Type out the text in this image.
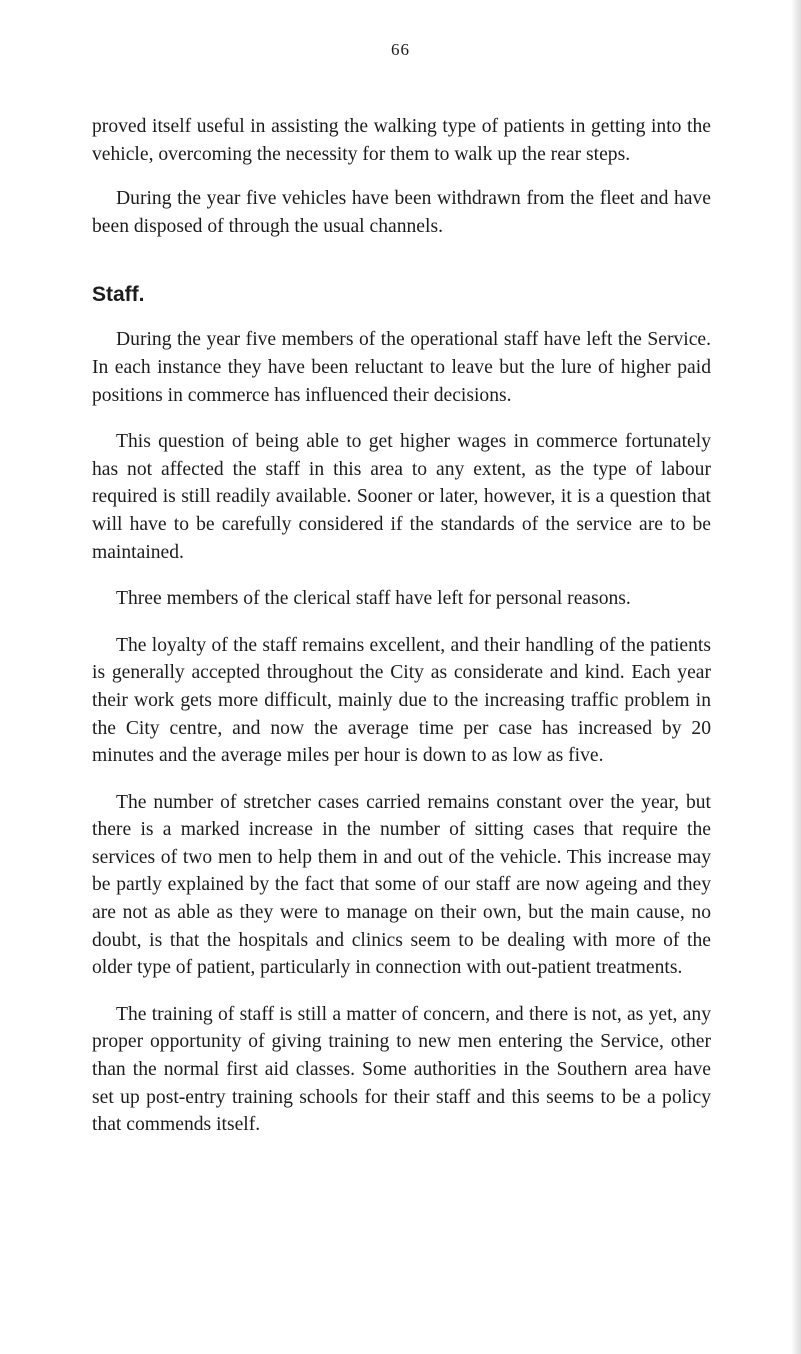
66

proved itself useful in assisting the walking type of patients in getting into the vehicle, overcoming the necessity for them to walk up the rear steps.

During the year five vehicles have been withdrawn from the fleet and have been disposed of through the usual channels.

Staff.

During the year five members of the operational staff have left the Service. In each instance they have been reluctant to leave but the lure of higher paid positions in commerce has influenced their decisions.

This question of being able to get higher wages in commerce fortunately has not affected the staff in this area to any extent, as the type of labour required is still readily available. Sooner or later, however, it is a question that will have to be carefully considered if the standards of the service are to be maintained.

Three members of the clerical staff have left for personal reasons.

The loyalty of the staff remains excellent, and their handling of the patients is generally accepted throughout the City as considerate and kind. Each year their work gets more difficult, mainly due to the increasing traffic problem in the City centre, and now the average time per case has increased by 20 minutes and the average miles per hour is down to as low as five.

The number of stretcher cases carried remains constant over the year, but there is a marked increase in the number of sitting cases that require the services of two men to help them in and out of the vehicle. This increase may be partly explained by the fact that some of our staff are now ageing and they are not as able as they were to manage on their own, but the main cause, no doubt, is that the hospitals and clinics seem to be dealing with more of the older type of patient, particularly in connection with out-patient treatments.

The training of staff is still a matter of concern, and there is not, as yet, any proper opportunity of giving training to new men entering the Service, other than the normal first aid classes. Some authorities in the Southern area have set up post-entry training schools for their staff and this seems to be a policy that commends itself.
